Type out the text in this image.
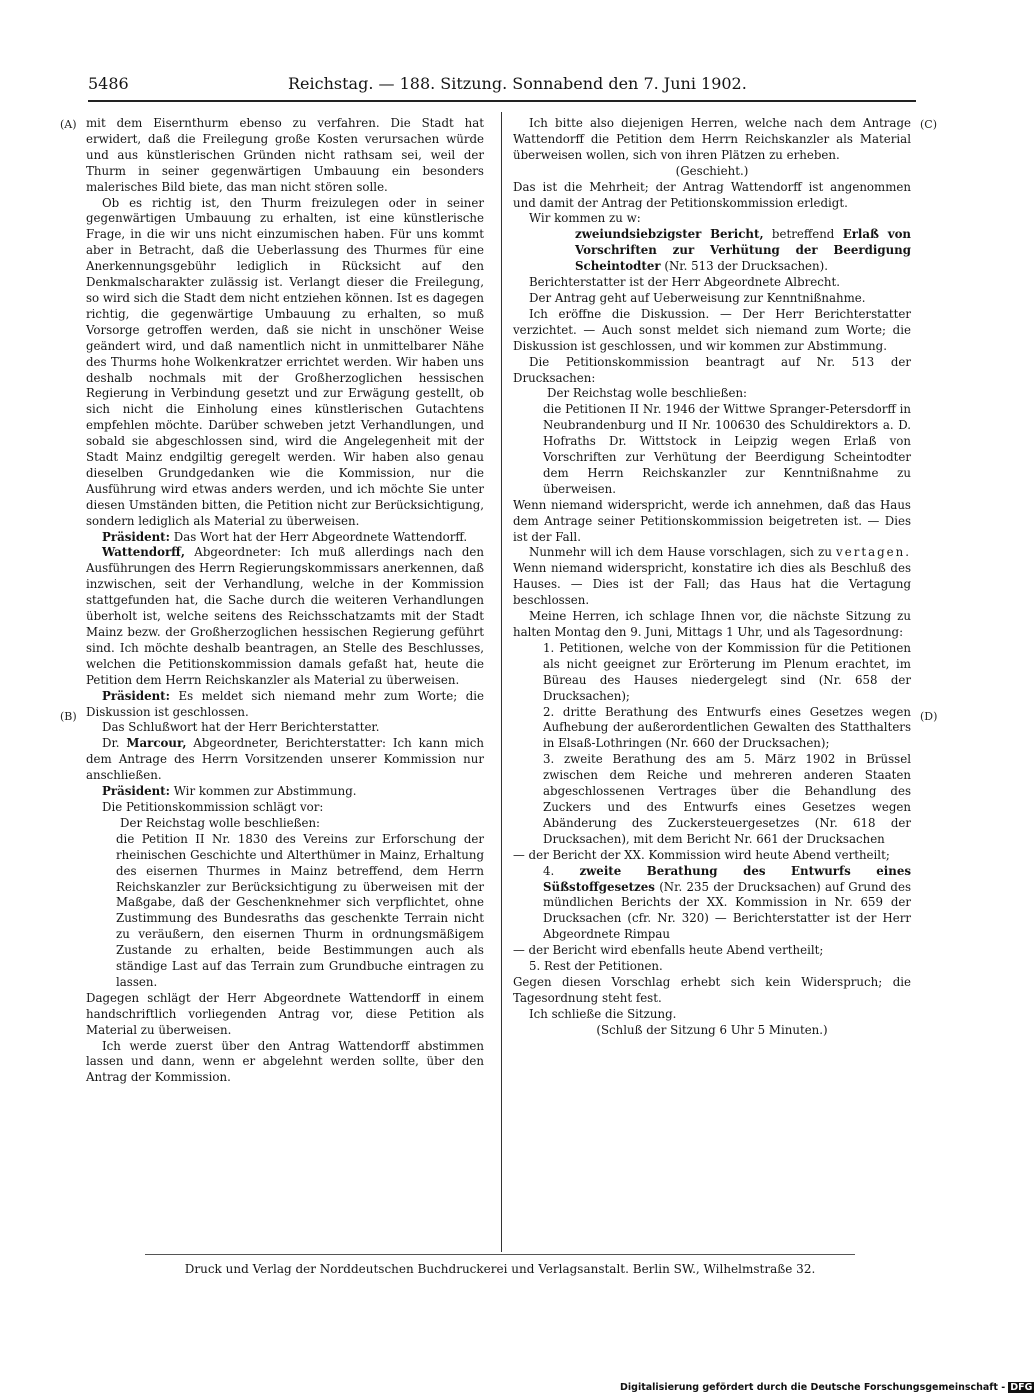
5486	Reichstag. — 188. Sitzung. Sonnabend den 7. Juni 1902.
(A)
(B)
(C)
(D)

mit dem Eisernthurm ebenso zu verfahren. Die Stadt hat erwidert, daß die Freilegung große Kosten verursachen würde und aus künstlerischen Gründen nicht rathsam sei, weil der Thurm in seiner gegenwärtigen Umbauung ein besonders malerisches Bild biete, das man nicht stören solle.

Ob es richtig ist, den Thurm freizulegen oder in seiner gegenwärtigen Umbauung zu erhalten, ist eine künstlerische Frage, in die wir uns nicht einzumischen haben. Für uns kommt aber in Betracht, daß die Ueberlassung des Thurmes für eine Anerkennungsgebühr lediglich in Rücksicht auf den Denkmalscharakter zulässig ist. Verlangt dieser die Freilegung, so wird sich die Stadt dem nicht entziehen können. Ist es dagegen richtig, die gegenwärtige Umbauung zu erhalten, so muß Vorsorge getroffen werden, daß sie nicht in unschöner Weise geändert wird, und daß namentlich nicht in unmittelbarer Nähe des Thurms hohe Wolkenkratzer errichtet werden. Wir haben uns deshalb nochmals mit der Großherzoglichen hessischen Regierung in Verbindung gesetzt und zur Erwägung gestellt, ob sich nicht die Einholung eines künstlerischen Gutachtens empfehlen möchte. Darüber schweben jetzt Verhandlungen, und sobald sie abgeschlossen sind, wird die Angelegenheit mit der Stadt Mainz endgiltig geregelt werden. Wir haben also genau dieselben Grundgedanken wie die Kommission, nur die Ausführung wird etwas anders werden, und ich möchte Sie unter diesen Umständen bitten, die Petition nicht zur Berücksichtigung, sondern lediglich als Material zu überweisen.

Präsident: Das Wort hat der Herr Abgeordnete Wattendorff.

Wattendorff, Abgeordneter: Ich muß allerdings nach den Ausführungen des Herrn Regierungskommissars anerkennen, daß inzwischen, seit der Verhandlung, welche in der Kommission stattgefunden hat, die Sache durch die weiteren Verhandlungen überholt ist, welche seitens des Reichsschatzamts mit der Stadt Mainz bezw. der Großherzoglichen hessischen Regierung geführt sind. Ich möchte deshalb beantragen, an Stelle des Beschlusses, welchen die Petitionskommission damals gefaßt hat, heute die Petition dem Herrn Reichskanzler als Material zu überweisen.

Präsident: Es meldet sich niemand mehr zum Worte; die Diskussion ist geschlossen.

Das Schlußwort hat der Herr Berichterstatter.

Dr. Marcour, Abgeordneter, Berichterstatter: Ich kann mich dem Antrage des Herrn Vorsitzenden unserer Kommission nur anschließen.

Präsident: Wir kommen zur Abstimmung.

Die Petitionskommission schlägt vor:

Der Reichstag wolle beschließen:

die Petition II Nr. 1830 des Vereins zur Erforschung der rheinischen Geschichte und Alterthümer in Mainz, Erhaltung des eisernen Thurmes in Mainz betreffend, dem Herrn Reichskanzler zur Berücksichtigung zu überweisen mit der Maßgabe, daß der Geschenknehmer sich verpflichtet, ohne Zustimmung des Bundesraths das geschenkte Terrain nicht zu veräußern, den eisernen Thurm in ordnungsmäßigem Zustande zu erhalten, beide Bestimmungen auch als ständige Last auf das Terrain zum Grundbuche eintragen zu lassen.

Dagegen schlägt der Herr Abgeordnete Wattendorff in einem handschriftlich vorliegenden Antrag vor, diese Petition als Material zu überweisen.

Ich werde zuerst über den Antrag Wattendorff abstimmen lassen und dann, wenn er abgelehnt werden sollte, über den Antrag der Kommission.

Ich bitte also diejenigen Herren, welche nach dem Antrage Wattendorff die Petition dem Herrn Reichskanzler als Material überweisen wollen, sich von ihren Plätzen zu erheben.

(Geschieht.)

Das ist die Mehrheit; der Antrag Wattendorff ist angenommen und damit der Antrag der Petitionskommission erledigt.

Wir kommen zu w:

zweiundsiebzigster Bericht, betreffend Erlaß von Vorschriften zur Verhütung der Beerdigung Scheintodter (Nr. 513 der Drucksachen).

Berichterstatter ist der Herr Abgeordnete Albrecht.

Der Antrag geht auf Ueberweisung zur Kenntnißnahme.

Ich eröffne die Diskussion. — Der Herr Berichterstatter verzichtet. — Auch sonst meldet sich niemand zum Worte; die Diskussion ist geschlossen, und wir kommen zur Abstimmung.

Die Petitionskommission beantragt auf Nr. 513 der Drucksachen:

Der Reichstag wolle beschließen:

die Petitionen II Nr. 1946 der Wittwe Spranger-Petersdorff in Neubrandenburg und II Nr. 100630 des Schuldirektors a. D. Hofraths Dr. Wittstock in Leipzig wegen Erlaß von Vorschriften zur Verhütung der Beerdigung Scheintodter dem Herrn Reichskanzler zur Kenntnißnahme zu überweisen.

Wenn niemand widerspricht, werde ich annehmen, daß das Haus dem Antrage seiner Petitionskommission beigetreten ist. — Dies ist der Fall.

Nunmehr will ich dem Hause vorschlagen, sich zu vertagen. Wenn niemand widerspricht, konstatire ich dies als Beschluß des Hauses. — Dies ist der Fall; das Haus hat die Vertagung beschlossen.

Meine Herren, ich schlage Ihnen vor, die nächste Sitzung zu halten Montag den 9. Juni, Mittags 1 Uhr, und als Tagesordnung:

1. Petitionen, welche von der Kommission für die Petitionen als nicht geeignet zur Erörterung im Plenum erachtet, im Büreau des Hauses niedergelegt sind (Nr. 658 der Drucksachen);

2. dritte Berathung des Entwurfs eines Gesetzes wegen Aufhebung der außerordentlichen Gewalten des Statthalters in Elsaß-Lothringen (Nr. 660 der Drucksachen);

3. zweite Berathung des am 5. März 1902 in Brüssel zwischen dem Reiche und mehreren anderen Staaten abgeschlossenen Vertrages über die Behandlung des Zuckers und des Entwurfs eines Gesetzes wegen Abänderung des Zuckersteuergesetzes (Nr. 618 der Drucksachen), mit dem Bericht Nr. 661 der Drucksachen

— der Bericht der XX. Kommission wird heute Abend vertheilt;

4. zweite Berathung des Entwurfs eines Süßstoffgesetzes (Nr. 235 der Drucksachen) auf Grund des mündlichen Berichts der XX. Kommission in Nr. 659 der Drucksachen (cfr. Nr. 320) — Berichterstatter ist der Herr Abgeordnete Rimpau

— der Bericht wird ebenfalls heute Abend vertheilt;

5. Rest der Petitionen.

Gegen diesen Vorschlag erhebt sich kein Widerspruch; die Tagesordnung steht fest.

Ich schließe die Sitzung.

(Schluß der Sitzung 6 Uhr 5 Minuten.)

Druck und Verlag der Norddeutschen Buchdruckerei und Verlagsanstalt. Berlin SW., Wilhelmstraße 32.
Digitalisierung gefördert durch die Deutsche Forschungsgemeinschaft - DFG
